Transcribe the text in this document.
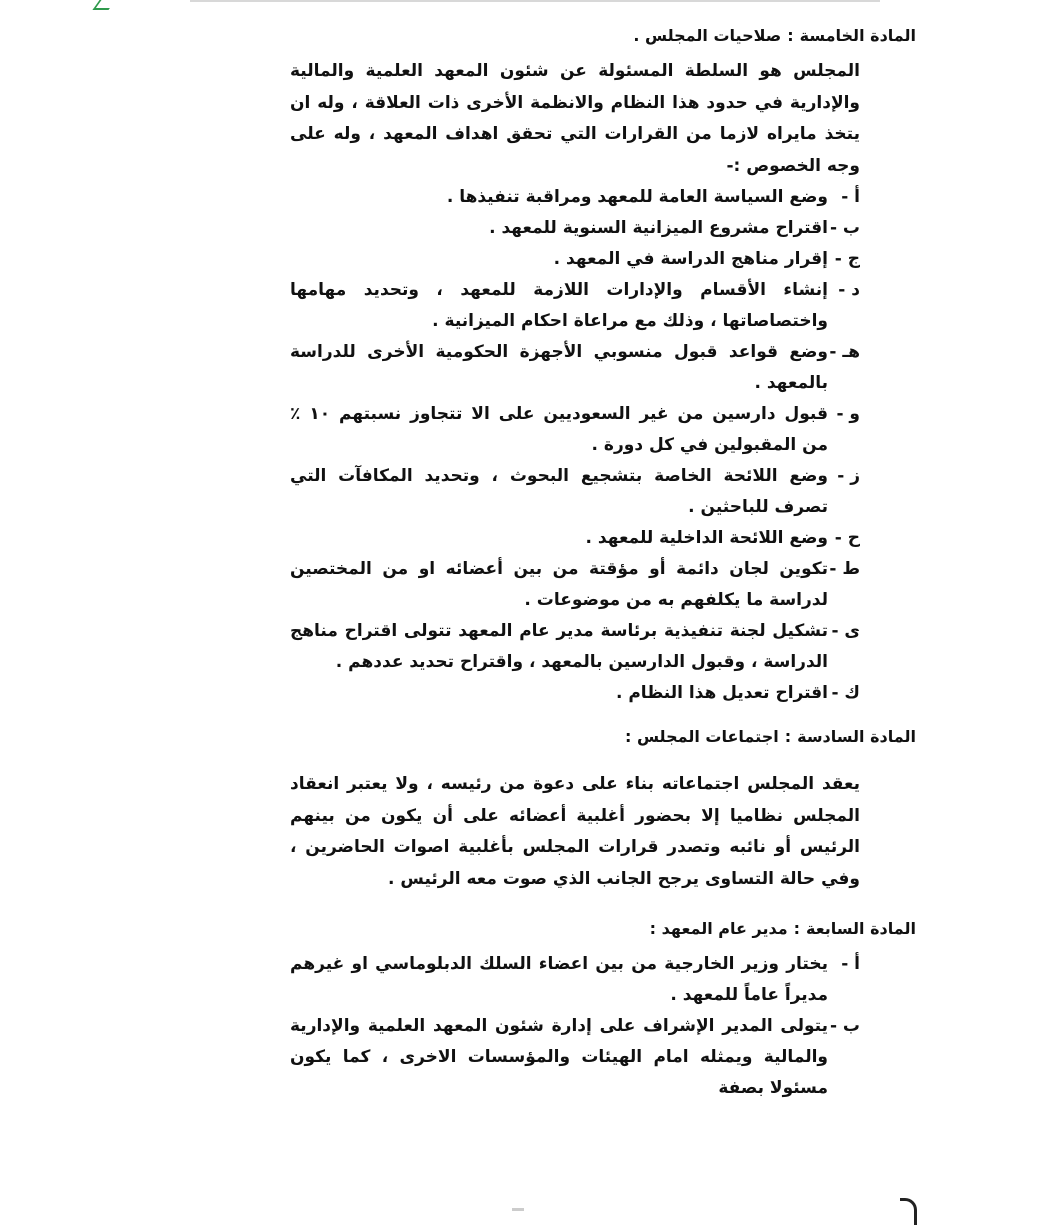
المادة الخامسة:صلاحيات المجلس .
المجلس هو السلطة المسئولة عن شئون المعهد العلمية والمالية والإدارية في حدود هذا النظام والانظمة الأخرى ذات العلاقة ، وله ان يتخذ مايراه لازما من القرارات التي تحقق اهداف المعهد ، وله على وجه الخصوص :-
أ -
وضع السياسة العامة للمعهد ومراقبة تنفيذها .
ب -
اقتراح مشروع الميزانية السنوية للمعهد .
ج -
إقرار مناهج الدراسة في المعهد .
د -
إنشاء الأقسام والإدارات اللازمة للمعهد ، وتحديد مهامها واختصاصاتها ، وذلك مع مراعاة احكام الميزانية .
هـ -
وضع قواعد قبول منسوبي الأجهزة الحكومية الأخرى للدراسة بالمعهد .
و -
قبول دارسين من غير السعوديين على الا تتجاوز نسبتهم ١٠ ٪ من المقبولين في كل دورة .
ز -
وضع اللائحة الخاصة بتشجيع البحوث ، وتحديد المكافآت التي تصرف للباحثين .
ح -
وضع اللائحة الداخلية للمعهد .
ط -
تكوين لجان دائمة أو مؤقتة من بين أعضائه او من المختصين لدراسة ما يكلفهم به من موضوعات .
ى -
تشكيل لجنة تنفيذية برئاسة مدير عام المعهد تتولى اقتراح مناهج الدراسة ، وقبول الدارسين بالمعهد ، واقتراح تحديد عددهم .
ك -
اقتراح تعديل هذا النظام .
المادة السادسة:اجتماعات المجلس :
يعقد المجلس اجتماعاته بناء على دعوة من رئيسه ، ولا يعتبر انعقاد المجلس نظاميا إلا بحضور أغلبية أعضائه على أن يكون من بينهم الرئيس أو نائبه وتصدر قرارات المجلس بأغلبية اصوات الحاضرين ، وفي حالة التساوى يرجح الجانب الذي صوت معه الرئيس .
المادة السابعة:مدير عام المعهد :
أ -
يختار وزير الخارجية من بين اعضاء السلك الدبلوماسي او غيرهم مديراً عاماً للمعهد .
ب -
يتولى المدير الإشراف على إدارة شئون المعهد العلمية والإدارية والمالية ويمثله امام الهيئات والمؤسسات الاخرى ، كما يكون مسئولا بصفة
